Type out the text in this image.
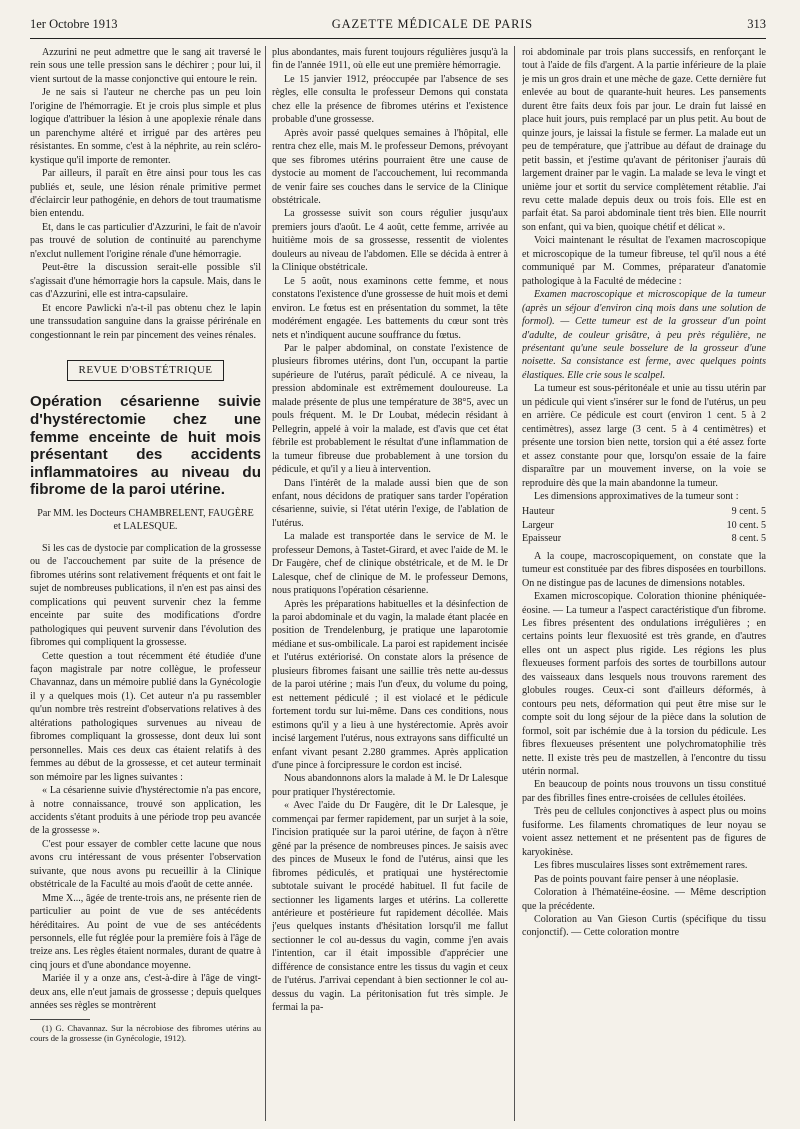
1er Octobre 1913	GAZETTE MÉDICALE DE PARIS	313

Azzurini ne peut admettre que le sang ait traversé le rein sous une telle pression sans le déchirer ; pour lui, il vient surtout de la masse conjonctive qui entoure le rein.

Je ne sais si l'auteur ne cherche pas un peu loin l'origine de l'hémorragie. Et je crois plus simple et plus logique d'attribuer la lésion à une apoplexie rénale dans un parenchyme altéré et irrigué par des artères peu résistantes. En somme, c'est à la néphrite, au rein scléro-kystique qu'il importe de remonter.

Par ailleurs, il paraît en être ainsi pour tous les cas publiés et, seule, une lésion rénale primitive permet d'éclaircir leur pathogénie, en dehors de tout traumatisme bien entendu.

Et, dans le cas particulier d'Azzurini, le fait de n'avoir pas trouvé de solution de continuité au parenchyme n'exclut nullement l'origine rénale d'une hémorragie.

Peut-être la discussion serait-elle possible s'il s'agissait d'une hémorragie hors la capsule. Mais, dans le cas d'Azzurini, elle est intra-capsulaire.

Et encore Pawlicki n'a-t-il pas obtenu chez le lapin une transsudation sanguine dans la graisse périrénale en congestionnant le rein par pincement des veines rénales.

REVUE D'OBSTÉTRIQUE

Opération césarienne suivie d'hystérectomie chez une femme enceinte de huit mois présentant des accidents inflammatoires au niveau du fibrome de la paroi utérine.

Par MM. les Docteurs CHAMBRELENT, FAUGÈRE

et LALESQUE.

Si les cas de dystocie par complication de la grossesse ou de l'accouchement par suite de la présence de fibromes utérins sont relativement fréquents et ont fait le sujet de nombreuses publications, il n'en est pas ainsi des complications qui peuvent survenir chez la femme enceinte par suite des modifications d'ordre pathologiques qui peuvent survenir dans l'évolution des fibromes qui compliquent la grossesse.

Cette question a tout récemment été étudiée d'une façon magistrale par notre collègue, le professeur Chavannaz, dans un mémoire publié dans la Gynécologie il y a quelques mois (1). Cet auteur n'a pu rassembler qu'un nombre très restreint d'observations relatives à des altérations pathologiques survenues au niveau de fibromes compliquant la grossesse, dont deux lui sont personnelles. Mais ces deux cas étaient relatifs à des femmes au début de la grossesse, et cet auteur terminait son mémoire par les lignes suivantes :

« La césarienne suivie d'hystérectomie n'a pas encore, à notre connaissance, trouvé son application, les accidents s'étant produits à une période trop peu avancée de la grossesse ».

C'est pour essayer de combler cette lacune que nous avons cru intéressant de vous présenter l'observation suivante, que nous avons pu recueillir à la Clinique obstétricale de la Faculté au mois d'août de cette année.

Mme X..., âgée de trente-trois ans, ne présente rien de particulier au point de vue de ses antécédents héréditaires. Au point de vue de ses antécédents personnels, elle fut réglée pour la première fois à l'âge de treize ans. Les règles étaient normales, durant de quatre à cinq jours et d'une abondance moyenne.

Mariée il y a onze ans, c'est-à-dire à l'âge de vingt-deux ans, elle n'eut jamais de grossesse ; depuis quelques années ses règles se montrèrent

(1) G. Chavannaz. Sur la nécrobiose des fibromes utérins au cours de la grossesse (in Gynécologie, 1912).

plus abondantes, mais furent toujours régulières jusqu'à la fin de l'année 1911, où elle eut une première hémorragie.

Le 15 janvier 1912, préoccupée par l'absence de ses règles, elle consulta le professeur Demons qui constata chez elle la présence de fibromes utérins et l'existence probable d'une grossesse.

Après avoir passé quelques semaines à l'hôpital, elle rentra chez elle, mais M. le professeur Demons, prévoyant que ses fibromes utérins pourraient être une cause de dystocie au moment de l'accouchement, lui recommanda de venir faire ses couches dans le service de la Clinique obstétricale.

La grossesse suivit son cours régulier jusqu'aux premiers jours d'août. Le 4 août, cette femme, arrivée au huitième mois de sa grossesse, ressentit de violentes douleurs au niveau de l'abdomen. Elle se décida à entrer à la Clinique obstétricale.

Le 5 août, nous examinons cette femme, et nous constatons l'existence d'une grossesse de huit mois et demi environ. Le fœtus est en présentation du sommet, la tête modérément engagée. Les battements du cœur sont très nets et n'indiquent aucune souffrance du fœtus.

Par le palper abdominal, on constate l'existence de plusieurs fibromes utérins, dont l'un, occupant la partie supérieure de l'utérus, paraît pédiculé. A ce niveau, la pression abdominale est extrêmement douloureuse. La malade présente de plus une température de 38°5, avec un pouls fréquent. M. le Dr Loubat, médecin résidant à Pellegrin, appelé à voir la malade, est d'avis que cet état fébrile est probablement le résultat d'une inflammation de la tumeur fibreuse due probablement à une torsion du pédicule, et qu'il y a lieu à intervention.

Dans l'intérêt de la malade aussi bien que de son enfant, nous décidons de pratiquer sans tarder l'opération césarienne, suivie, si l'état utérin l'exige, de l'ablation de l'utérus.

La malade est transportée dans le service de M. le professeur Demons, à Tastet-Girard, et avec l'aide de M. le Dr Faugère, chef de clinique obstétricale, et de M. le Dr Lalesque, chef de clinique de M. le professeur Demons, nous pratiquons l'opération césarienne.

Après les préparations habituelles et la désinfection de la paroi abdominale et du vagin, la malade étant placée en position de Trendelenburg, je pratique une laparotomie médiane et sus-ombilicale. La paroi est rapidement incisée et l'utérus extériorisé. On constate alors la présence de plusieurs fibromes faisant une saillie très nette au-dessus de la paroi utérine ; mais l'un d'eux, du volume du poing, est nettement pédiculé ; il est violacé et le pédicule fortement tordu sur lui-même. Dans ces conditions, nous estimons qu'il y a lieu à une hystérectomie. Après avoir incisé largement l'utérus, nous extrayons sans difficulté un enfant vivant pesant 2.280 grammes. Après application d'une pince à forcipressure le cordon est incisé.

Nous abandonnons alors la malade à M. le Dr Lalesque pour pratiquer l'hystérectomie.

« Avec l'aide du Dr Faugère, dit le Dr Lalesque, je commençai par fermer rapidement, par un surjet à la soie, l'incision pratiquée sur la paroi utérine, de façon à n'être gêné par la présence de nombreuses pinces. Je saisis avec des pinces de Museux le fond de l'utérus, ainsi que les fibromes pédiculés, et pratiquai une hystérectomie subtotale suivant le procédé habituel. Il fut facile de sectionner les ligaments larges et utérins. La collerette antérieure et postérieure fut rapidement décollée. Mais j'eus quelques instants d'hésitation lorsqu'il me fallut sectionner le col au-dessus du vagin, comme j'en avais l'intention, car il était impossible d'apprécier une différence de consistance entre les tissus du vagin et ceux de l'utérus. J'arrivai cependant à bien sectionner le col au-dessus du vagin. La péritonisation fut très simple. Je fermai la pa-

roi abdominale par trois plans successifs, en renforçant le tout à l'aide de fils d'argent. A la partie inférieure de la plaie je mis un gros drain et une mèche de gaze. Cette dernière fut enlevée au bout de quarante-huit heures. Les pansements durent être faits deux fois par jour. Le drain fut laissé en place huit jours, puis remplacé par un plus petit. Au bout de quinze jours, je laissai la fistule se fermer. La malade eut un peu de température, que j'attribue au défaut de drainage du petit bassin, et j'estime qu'avant de péritoniser j'aurais dû largement drainer par le vagin. La malade se leva le vingt et unième jour et sortit du service complètement rétablie. J'ai revu cette malade depuis deux ou trois fois. Elle est en parfait état. Sa paroi abdominale tient très bien. Elle nourrit son enfant, qui va bien, quoique chétif et délicat ».

Voici maintenant le résultat de l'examen macroscopique et microscopique de la tumeur fibreuse, tel qu'il nous a été communiqué par M. Commes, préparateur d'anatomie pathologique à la Faculté de médecine :

Examen macroscopique et microscopique de la tumeur (après un séjour d'environ cinq mois dans une solution de formol). — Cette tumeur est de la grosseur d'un point d'adulte, de couleur grisâtre, à peu près régulière, ne présentant qu'une seule bosselure de la grosseur d'une noisette. Sa consistance est ferme, avec quelques points élastiques. Elle crie sous le scalpel.

La tumeur est sous-péritonéale et unie au tissu utérin par un pédicule qui vient s'insérer sur le fond de l'utérus, un peu en arrière. Ce pédicule est court (environ 1 cent. 5 à 2 centimètres), assez large (3 cent. 5 à 4 centimètres) et présente une torsion bien nette, torsion qui a été assez forte et assez constante pour que, lorsqu'on essaie de la faire disparaître par un mouvement inverse, on la voie se reproduire dès que la main abandonne la tumeur.

Les dimensions approximatives de la tumeur sont :

Hauteur	9 cent. 5
Largeur	10 cent. 5
Epaisseur	8 cent. 5

A la coupe, macroscopiquement, on constate que la tumeur est constituée par des fibres disposées en tourbillons. On ne distingue pas de lacunes de dimensions notables.

Examen microscopique. Coloration thionine phéniquée-éosine. — La tumeur a l'aspect caractéristique d'un fibrome. Les fibres présentent des ondulations irrégulières ; en certains points leur flexuosité est très grande, en d'autres elles ont un aspect plus rigide. Les régions les plus flexueuses forment parfois des sortes de tourbillons autour des vaisseaux dans lesquels nous trouvons rarement des globules rouges. Ceux-ci sont d'ailleurs déformés, à contours peu nets, déformation qui peut être mise sur le compte soit du long séjour de la pièce dans la solution de formol, soit par ischémie due à la torsion du pédicule. Les fibres flexueuses présentent une polychromatophilie très nette. Il existe très peu de mastzellen, à l'encontre du tissu utérin normal.

En beaucoup de points nous trouvons un tissu constitué par des fibrilles fines entre-croisées de cellules étoilées.

Très peu de cellules conjonctives à aspect plus ou moins fusiforme. Les filaments chromatiques de leur noyau se voient assez nettement et ne présentent pas de figures de karyokinèse.

Les fibres musculaires lisses sont extrêmement rares.

Pas de points pouvant faire penser à une néoplasie.

Coloration à l'hématéine-éosine. — Même description que la précédente.

Coloration au Van Gieson Curtis (spécifique du tissu conjonctif). — Cette coloration montre
